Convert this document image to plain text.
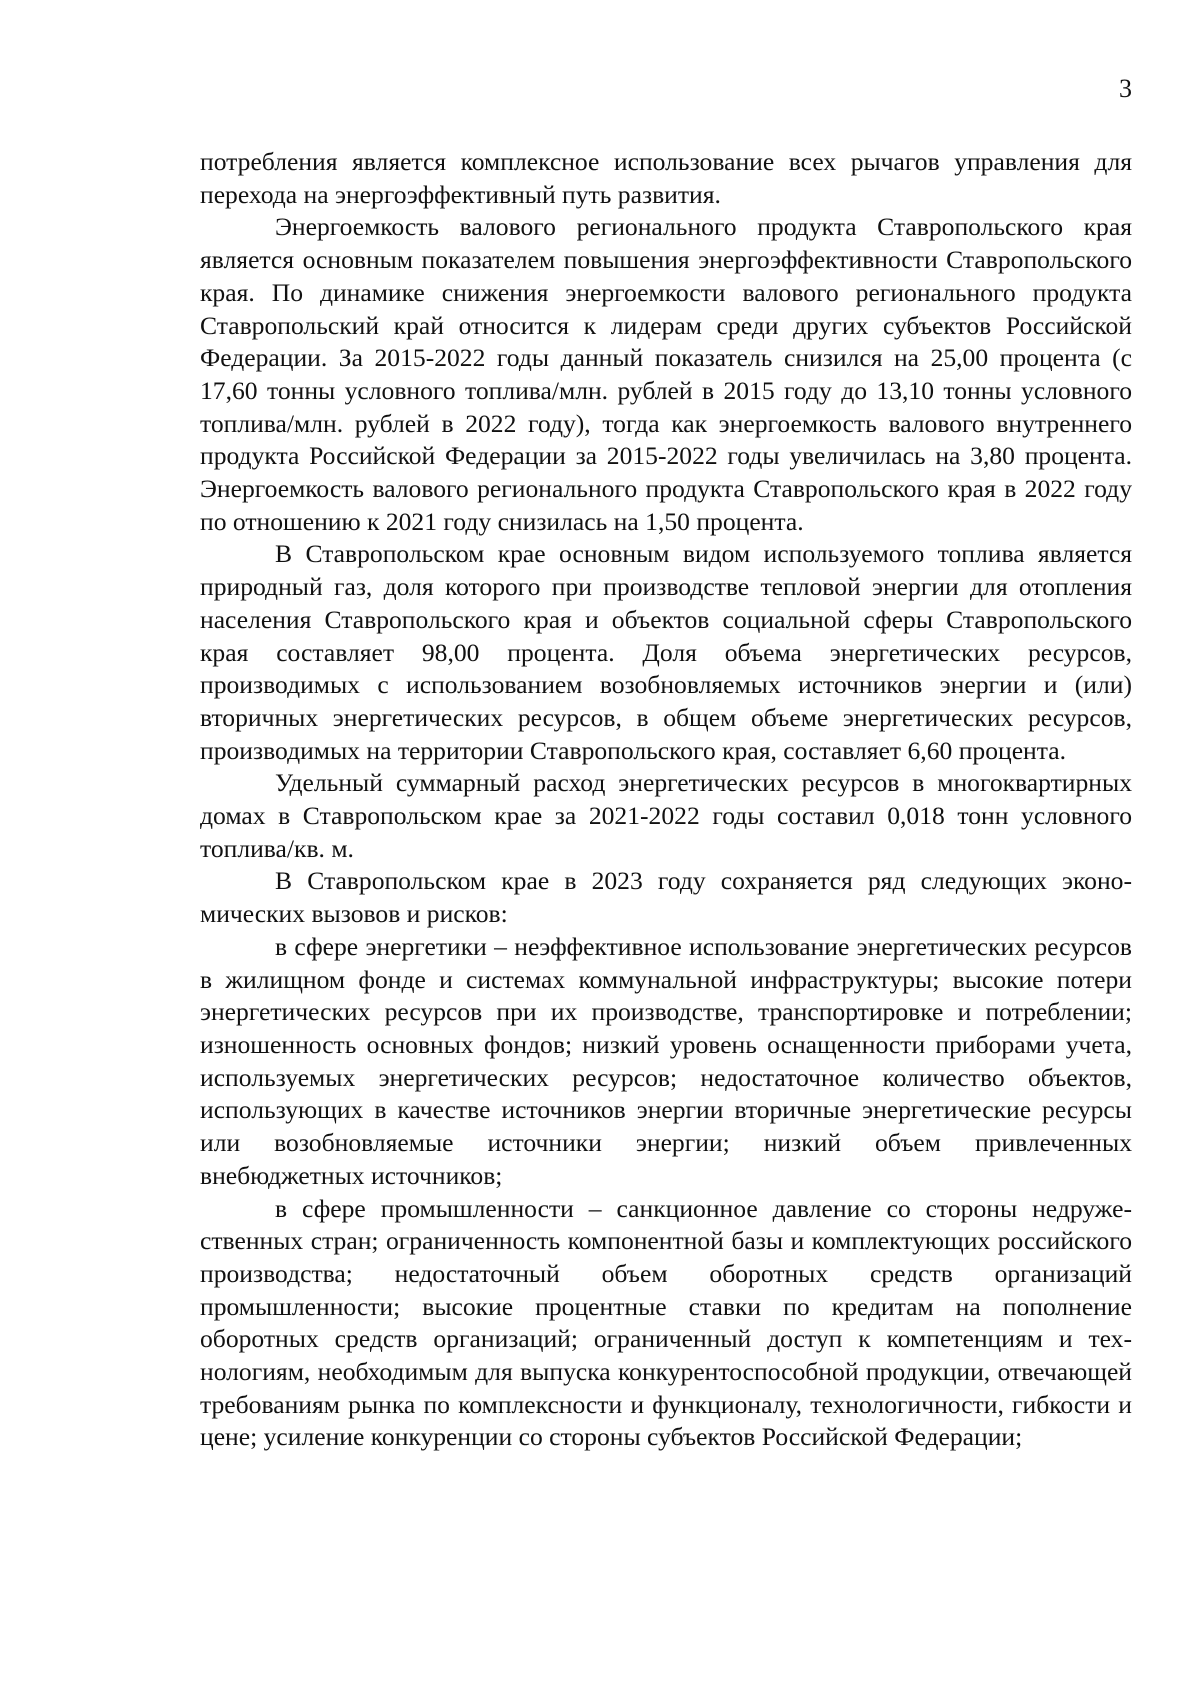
3

потребления является комплексное использование всех рычагов управления для перехода на энергоэффективный путь развития.

Энергоемкость валового регионального продукта Ставропольского края является основным показателем повышения энергоэффективности Ставропольского края. По динамике снижения энергоемкости валового регионального продукта Ставропольский край относится к лидерам среди других субъектов Российской Федерации. За 2015-2022 годы данный показатель снизился на 25,00 процента (с 17,60 тонны условного топлива/млн. рублей в 2015 году до 13,10 тонны условного топлива/млн. рублей в 2022 году), тогда как энергоемкость валового внутреннего продукта Российской Федерации за 2015-2022 годы увеличилась на 3,80 процента. Энергоемкость валового регионального продукта Ставропольского края в 2022 году по отношению к 2021 году снизилась на 1,50 процента.

В Ставропольском крае основным видом используемого топлива является природный газ, доля которого при производстве тепловой энергии для отопления населения Ставропольского края и объектов социальной сферы Ставропольского края составляет 98,00 процента. Доля объема энергетических ресурсов, производимых с использованием возобновляемых источников энергии и (или) вторичных энергетических ресурсов, в общем объеме энергетических ресурсов, производимых на территории Ставропольского края, составляет 6,60 процента.

Удельный суммарный расход энергетических ресурсов в многоквартирных домах в Ставропольском крае за 2021-2022 годы составил 0,018 тонн условного топлива/кв. м.

В Ставропольском крае в 2023 году сохраняется ряд следующих экономических вызовов и рисков:

в сфере энергетики – неэффективное использование энергетических ресурсов в жилищном фонде и системах коммунальной инфраструктуры; высокие потери энергетических ресурсов при их производстве, транспортировке и потреблении; изношенность основных фондов; низкий уровень оснащенности приборами учета, используемых энергетических ресурсов; недостаточное количество объектов, использующих в качестве источников энергии вторичные энергетические ресурсы или возобновляемые источники энергии; низкий объем привлеченных внебюджетных источников;

в сфере промышленности – санкционное давление со стороны недружественных стран; ограниченность компонентной базы и комплектующих российского производства; недостаточный объем оборотных средств организаций промышленности; высокие процентные ставки по кредитам на пополнение оборотных средств организаций; ограниченный доступ к компетенциям и технологиям, необходимым для выпуска конкурентоспособной продукции, отвечающей требованиям рынка по комплексности и функционалу, технологичности, гибкости и цене; усиление конкуренции со стороны субъектов Российской Федерации;
